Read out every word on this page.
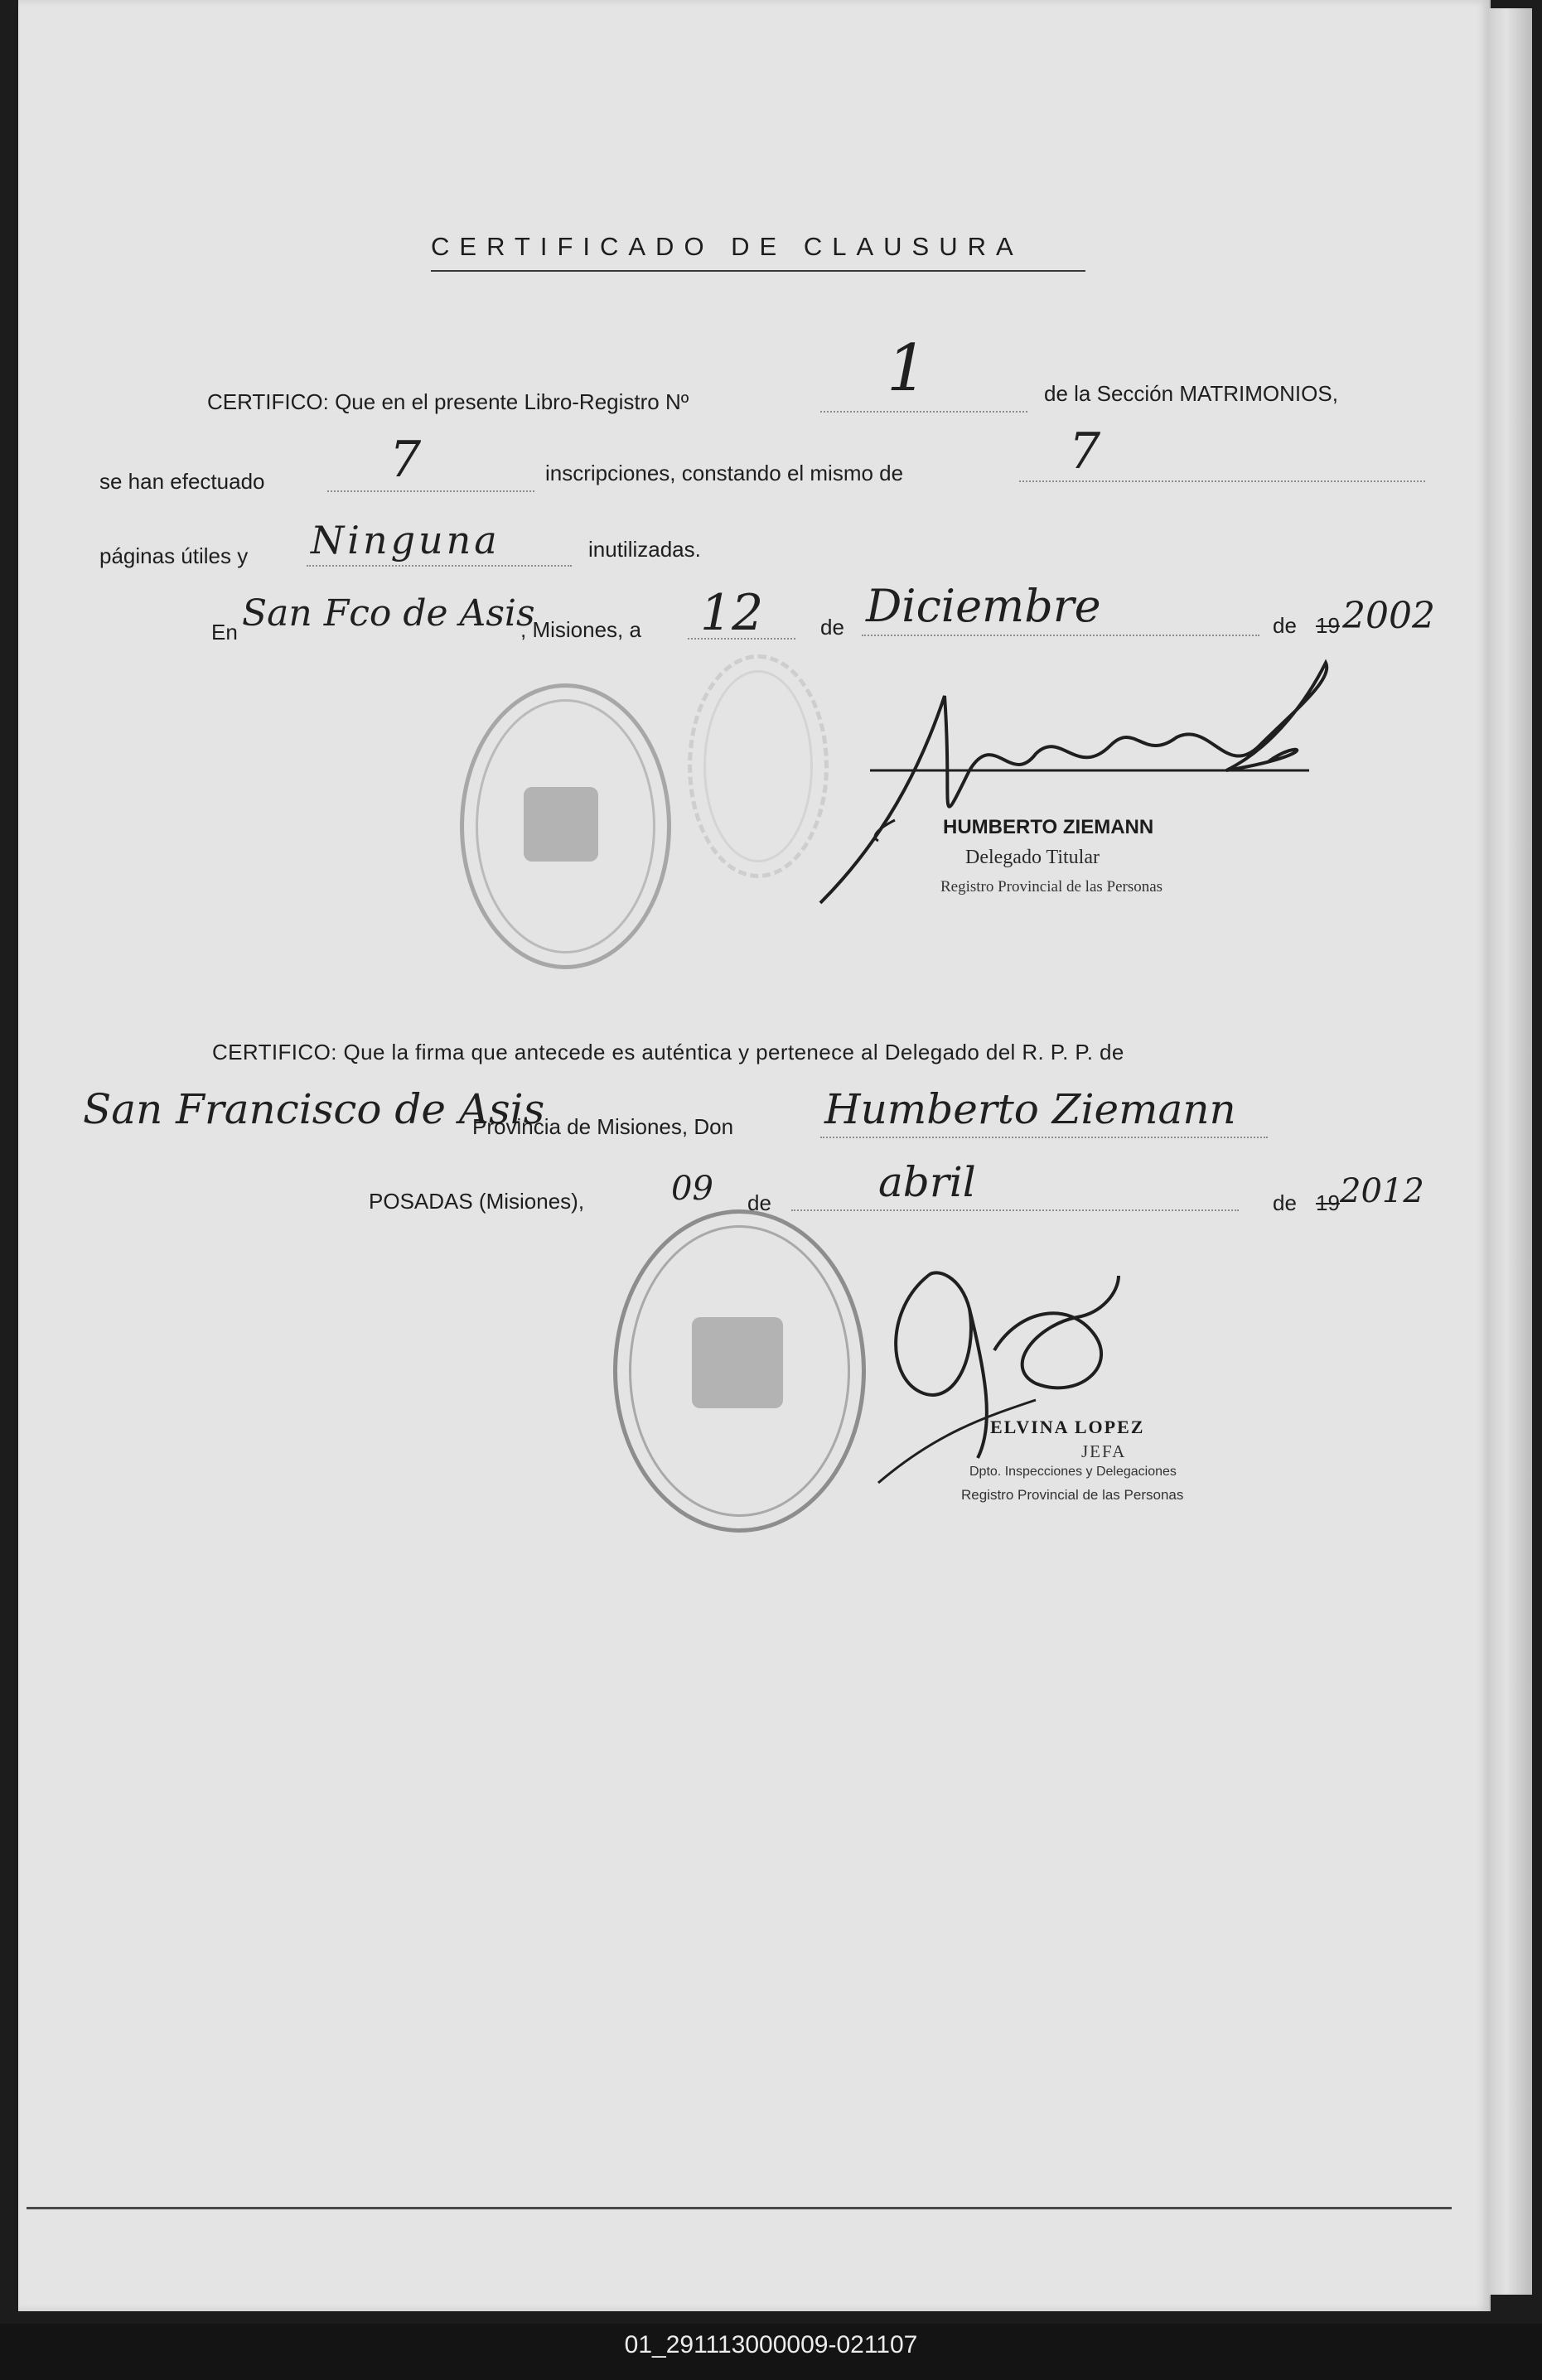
CERTIFICADO DE CLAUSURA
CERTIFICO: Que en el presente Libro-Registro Nº	1	de la Sección MATRIMONIOS,
se han efectuado	7	inscripciones, constando el mismo de	7
páginas útiles y Ninguna	inutilizadas.
En San Fco de Asis
, Misiones, a 12	de Diciembre	de 19 2002
HUMBERTO ZIEMANN
Delegado Titular
Registro Provincial de las Personas
CERTIFICO: Que la firma que antecede es auténtica y pertenece al Delegado del R. P. P. de
San Francisco de Asis
Provincia de Misiones, Don Humberto Ziemann
POSADAS (Misiones),	09 de	abril	de 19 2012
ELVINA LOPEZ
JEFA
Dpto. Inspecciones y Delegaciones
Registro Provincial de las Personas
01_291113000009-021107
